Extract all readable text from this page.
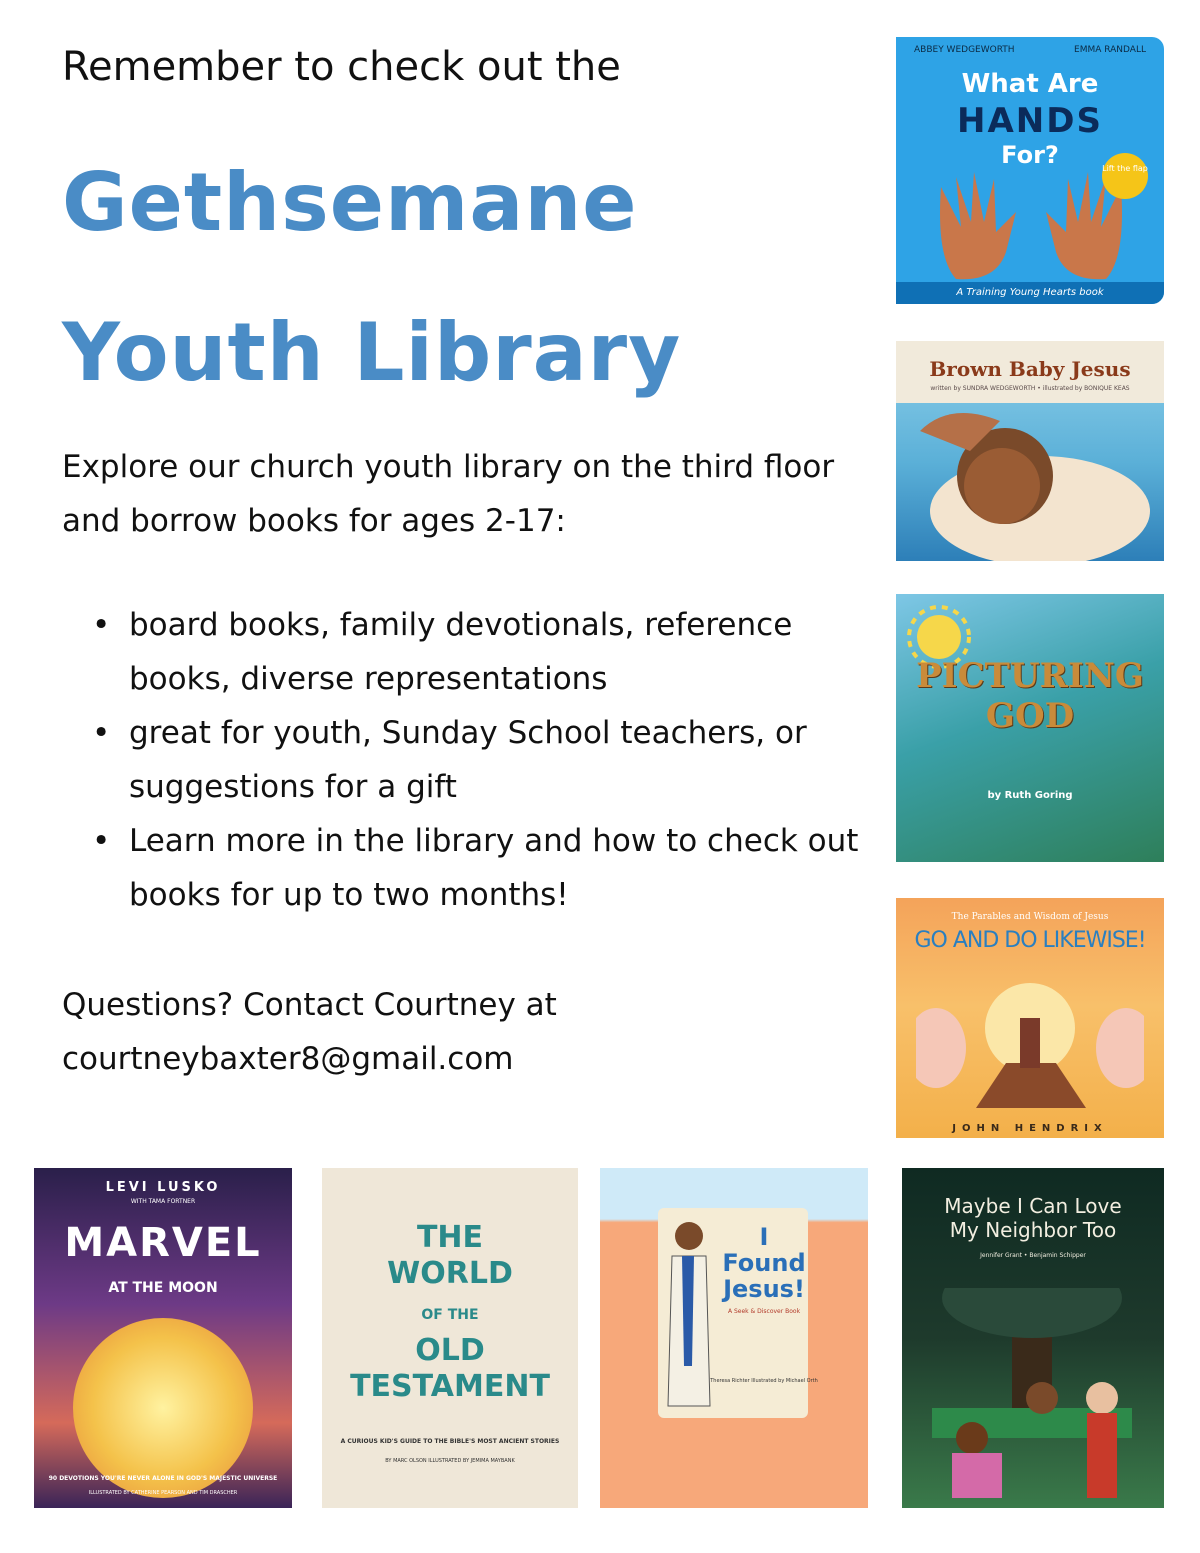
Remember to check out the
Gethsemane
Youth Library

Explore our church youth library on the third floor and borrow books for ages 2-17:

• board books, family devotionals, reference books, diverse representations
• great for youth, Sunday School teachers, or suggestions for a gift
• Learn more in the library and how to check out books for up to two months!

Questions? Contact Courtney at
courtneybaxter8@gmail.com

ABBEY WEDGEWORTH	EMMA RANDALL
What Are
HANDS
For?	Lift the flap
A Training Young Hearts book
Brown Baby Jesus
written by SUNDRA WEDGEWORTH • illustrated by BONIQUE KEAS
PICTURING
GOD
by Ruth Goring
The Parables and Wisdom of Jesus
GO AND DO LIKEWISE!
JOHN HENDRIX
LEVI LUSKO
WITH TAMA FORTNER
MARVEL
AT THE MOON
90 DEVOTIONS YOU'RE NEVER ALONE IN GOD'S MAJESTIC UNIVERSE
ILLUSTRATED BY CATHERINE PEARSON AND TIM DRASCHER
THE
WORLD
OF THE
OLD
TESTAMENT
A CURIOUS KID'S GUIDE TO THE BIBLE'S MOST ANCIENT STORIES
BY MARC OLSON ILLUSTRATED BY JEMIMA MAYBANK
I
Found
Jesus!
A Seek & Discover Book
Theresa Richter Illustrated by Michael Orth
Maybe I Can Love
My Neighbor Too
Jennifer Grant • Benjamin Schipper
